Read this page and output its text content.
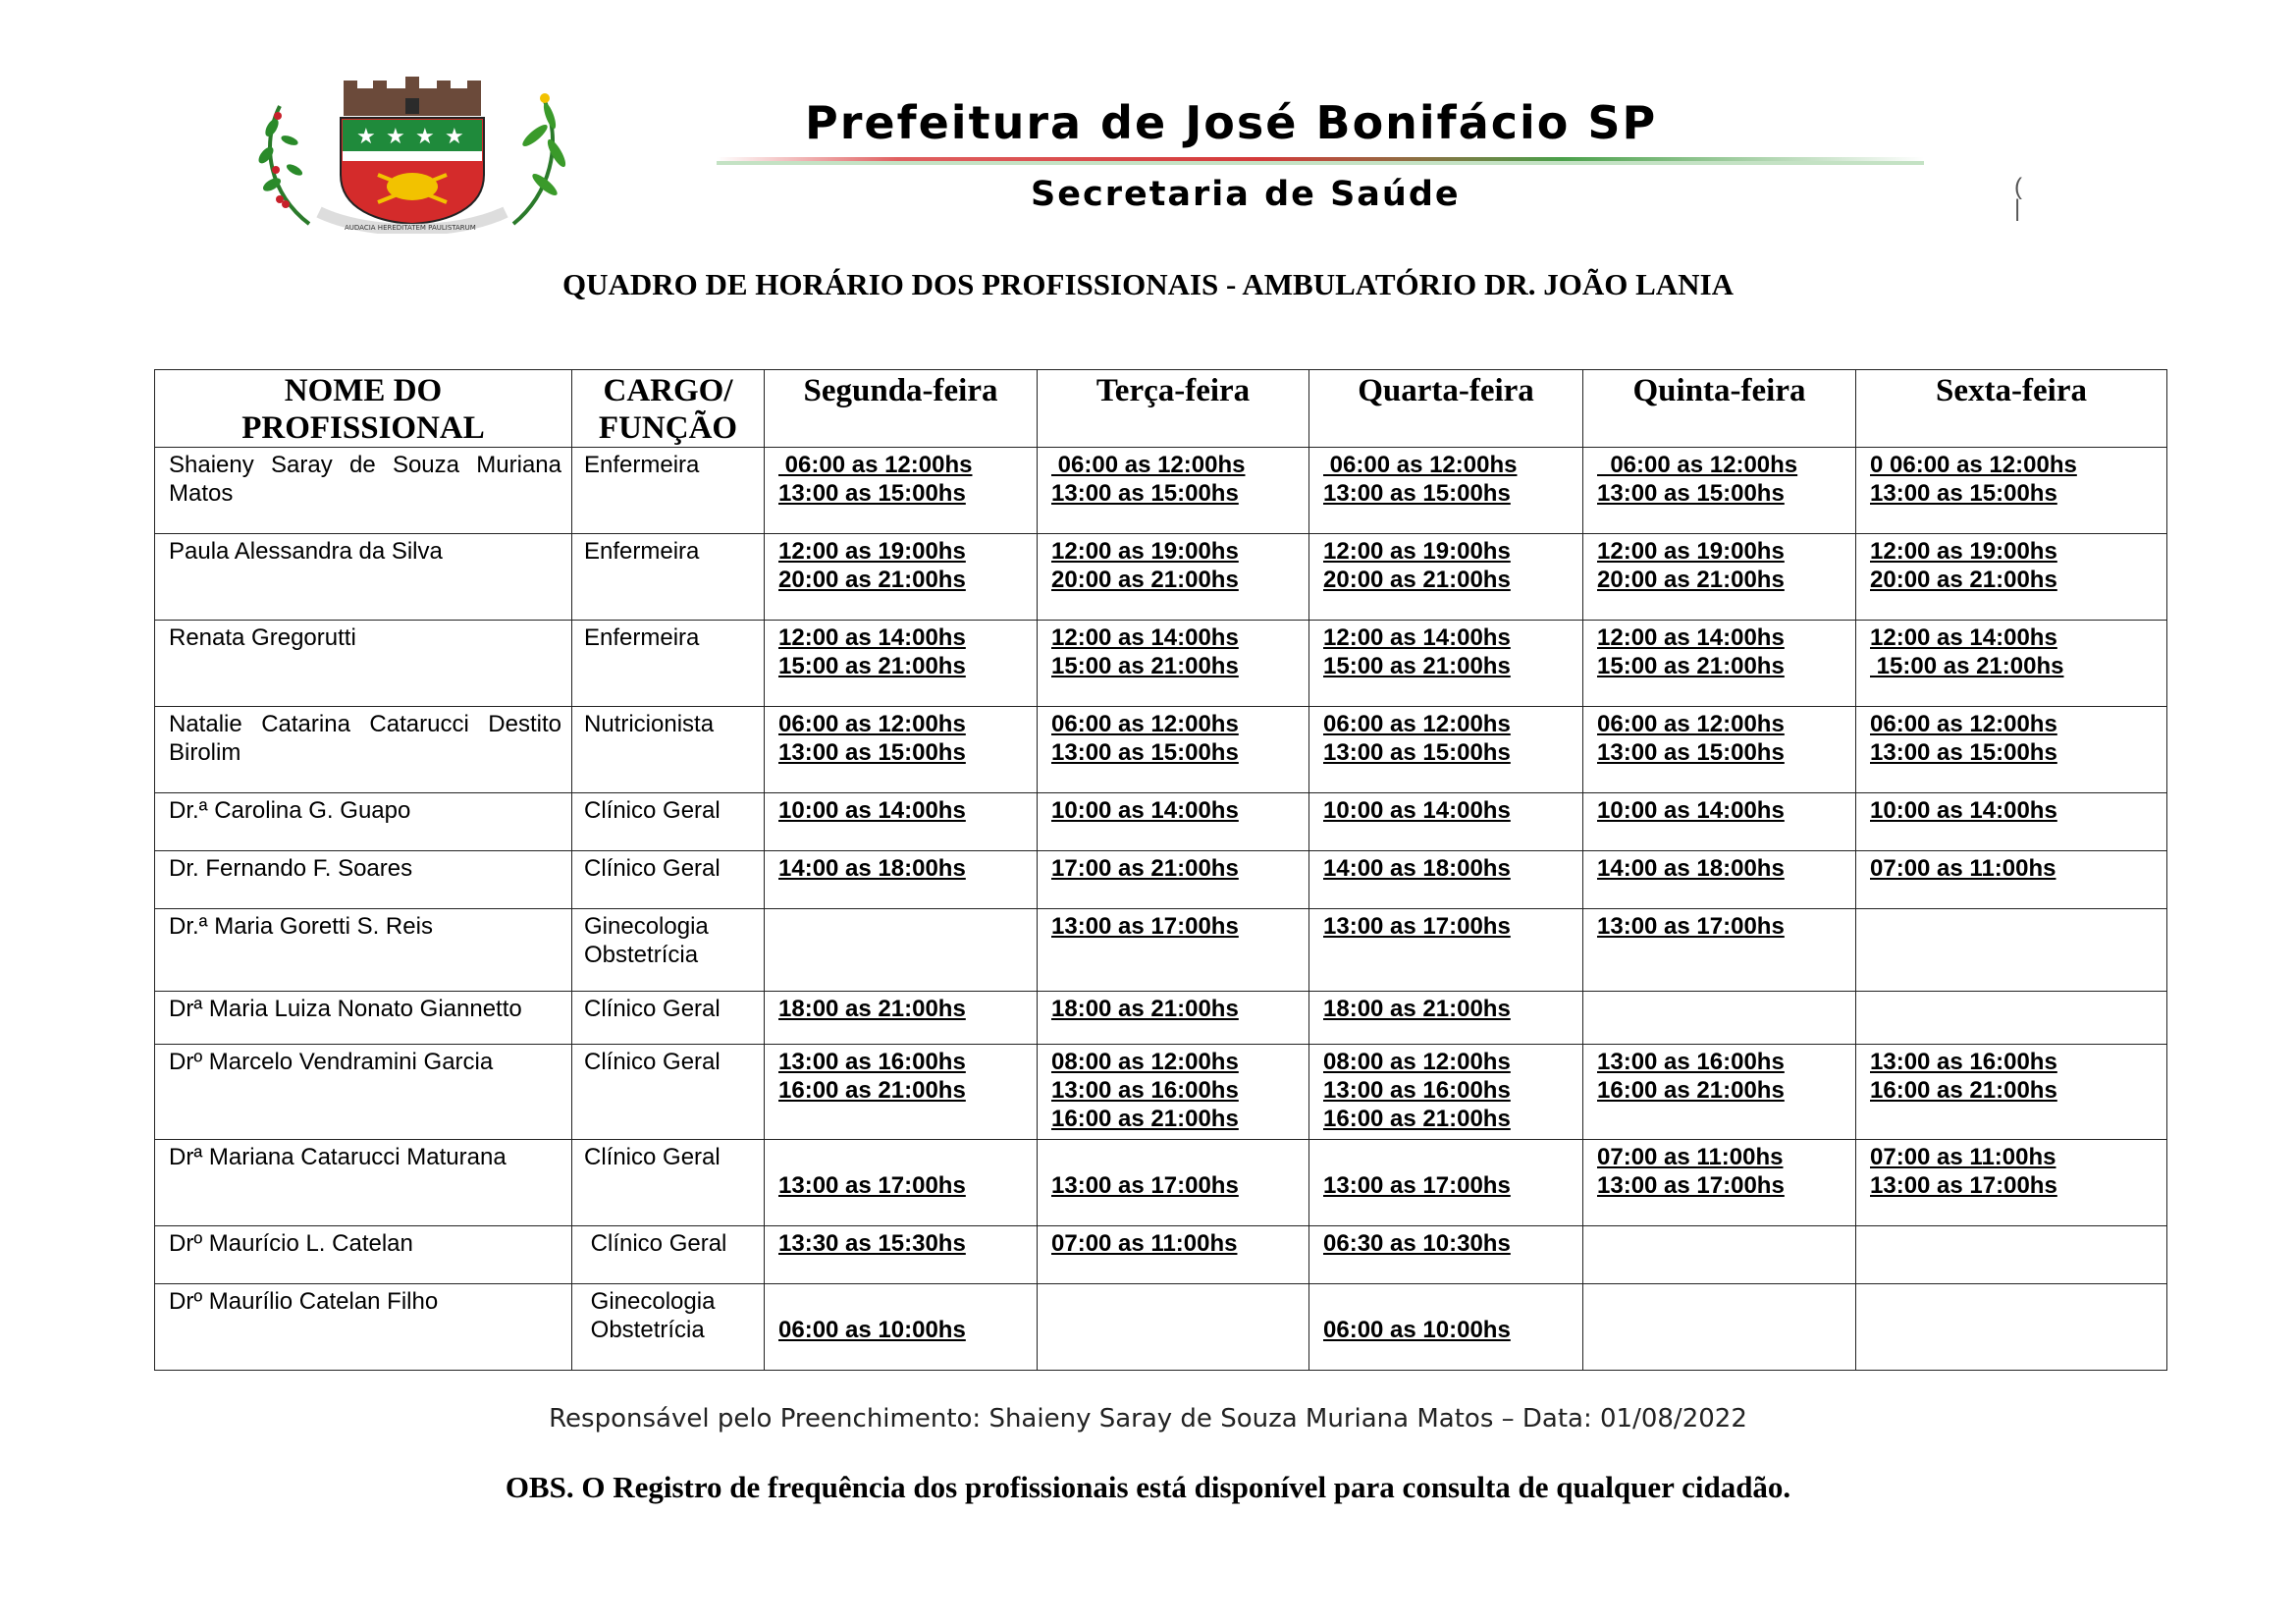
★ ★ ★ ★
AUDACIA HEREDITATEM PAULISTARUM
Prefeitura de José Bonifácio SP
Secretaria de Saúde	(
|
QUADRO DE HORÁRIO DOS PROFISSIONAIS - AMBULATÓRIO DR. JOÃO LANIA
NOME DO PROFISSIONAL	CARGO/ FUNÇÃO	Segunda-feira	Terça-feira	Quarta-feira	Quinta-feira	Sexta-feira
Shaieny Saray de Souza Muriana Matos	Enfermeira	06:00 as 12:00hs
13:00 as 15:00hs	06:00 as 12:00hs
13:00 as 15:00hs	06:00 as 12:00hs
13:00 as 15:00hs	06:00 as 12:00hs
13:00 as 15:00hs	0 06:00 as 12:00hs
13:00 as 15:00hs

Paula Alessandra da Silva	Enfermeira	12:00 as 19:00hs
20:00 as 21:00hs	12:00 as 19:00hs
20:00 as 21:00hs	12:00 as 19:00hs
20:00 as 21:00hs	12:00 as 19:00hs
20:00 as 21:00hs	12:00 as 19:00hs
20:00 as 21:00hs

Renata Gregorutti	Enfermeira	12:00 as 14:00hs
15:00 as 21:00hs	12:00 as 14:00hs
15:00 as 21:00hs	12:00 as 14:00hs
15:00 as 21:00hs	12:00 as 14:00hs
15:00 as 21:00hs	12:00 as 14:00hs
15:00 as 21:00hs

Natalie Catarina Catarucci Destito Birolim	Nutricionista	06:00 as 12:00hs
13:00 as 15:00hs	06:00 as 12:00hs
13:00 as 15:00hs	06:00 as 12:00hs
13:00 as 15:00hs	06:00 as 12:00hs
13:00 as 15:00hs	06:00 as 12:00hs
13:00 as 15:00hs

Dr.ª Carolina G. Guapo	Clínico Geral	10:00 as 14:00hs	10:00 as 14:00hs	10:00 as 14:00hs	10:00 as 14:00hs	10:00 as 14:00hs

Dr. Fernando F. Soares	Clínico Geral	14:00 as 18:00hs	17:00 as 21:00hs	14:00 as 18:00hs	14:00 as 18:00hs	07:00 as 11:00hs

Dr.ª Maria Goretti S. Reis	Ginecologia
Obstetrícia		13:00 as 17:00hs	13:00 as 17:00hs	13:00 as 17:00hs	

Drª Maria Luiza Nonato Giannetto	Clínico Geral	18:00 as 21:00hs	18:00 as 21:00hs	18:00 as 21:00hs		

Drº Marcelo Vendramini Garcia	Clínico Geral	13:00 as 16:00hs
16:00 as 21:00hs	08:00 as 12:00hs
13:00 as 16:00hs
16:00 as 21:00hs	08:00 as 12:00hs
13:00 as 16:00hs
16:00 as 21:00hs	13:00 as 16:00hs
16:00 as 21:00hs	13:00 as 16:00hs
16:00 as 21:00hs

Drª Mariana Catarucci Maturana	Clínico Geral	13:00 as 17:00hs	13:00 as 17:00hs	13:00 as 17:00hs	07:00 as 11:00hs
13:00 as 17:00hs	07:00 as 11:00hs
13:00 as 17:00hs

Drº Maurício L. Catelan	Clínico Geral	13:30 as 15:30hs	07:00 as 11:00hs	06:30 as 10:30hs		

Drº Maurílio Catelan Filho	Ginecologia
Obstetrícia	06:00 as 10:00hs		06:00 as 10:00hs		

Responsável pelo Preenchimento: Shaieny Saray de Souza Muriana Matos – Data: 01/08/2022
OBS. O Registro de frequência dos profissionais está disponível para consulta de qualquer cidadão.
